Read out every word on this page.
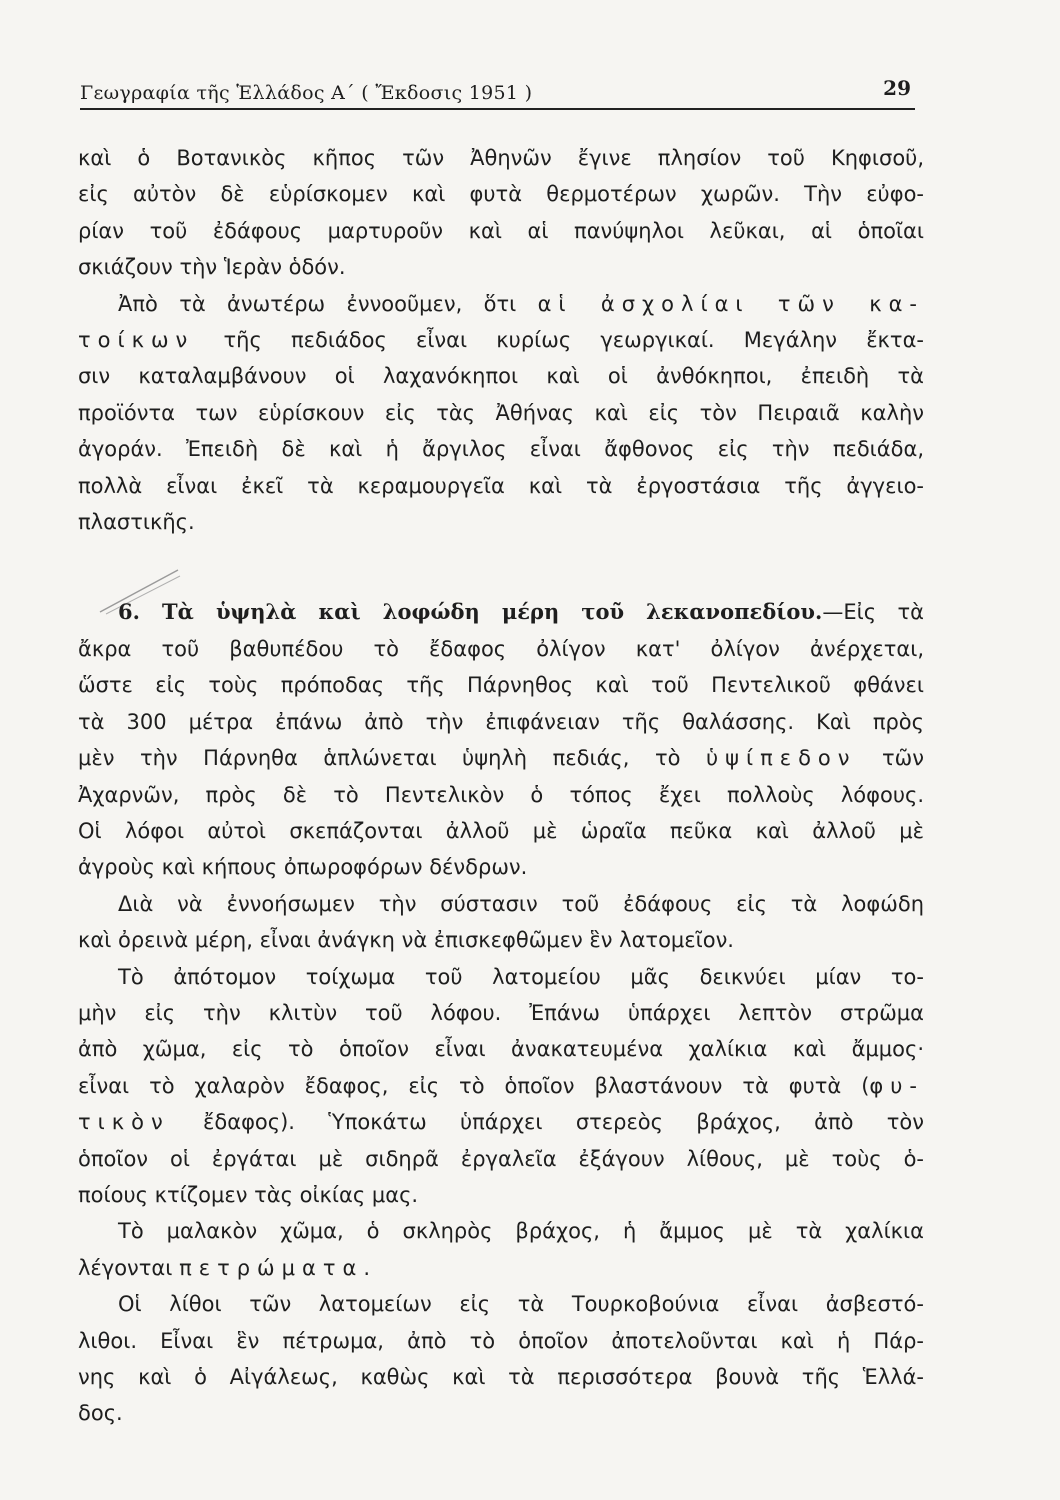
Γεωγραφία τῆς Ἑλλάδος Α΄ ( Ἔκδοσις 1951 )	29
καὶ ὁ Βοτανικὸς κῆπος τῶν Ἀθηνῶν ἔγινε πλησίον τοῦ Κηφισοῦ,
εἰς αὐτὸν δὲ εὑρίσκομεν καὶ φυτὰ θερμοτέρων χωρῶν. Τὴν εὐφο-
ρίαν τοῦ ἐδάφους μαρτυροῦν καὶ αἱ πανύψηλοι λεῦκαι, αἱ ὁποῖαι
σκιάζουν τὴν Ἱερὰν ὁδόν.
Ἀπὸ τὰ ἀνωτέρω ἐννοοῦμεν, ὅτι αἱ ἀσχολίαι τῶν κα-
τοίκων τῆς πεδιάδος εἶναι κυρίως γεωργικαί. Μεγάλην ἔκτα-
σιν καταλαμβάνουν οἱ λαχανόκηποι καὶ οἱ ἀνθόκηποι, ἐπειδὴ τὰ
προϊόντα των εὑρίσκουν εἰς τὰς Ἀθήνας καὶ εἰς τὸν Πειραιᾶ καλὴν
ἀγοράν. Ἐπειδὴ δὲ καὶ ἡ ἄργιλος εἶναι ἄφθονος εἰς τὴν πεδιάδα,
πολλὰ εἶναι ἐκεῖ τὰ κεραμουργεῖα καὶ τὰ ἐργοστάσια τῆς ἀγγειο-
πλαστικῆς.
6. Τὰ ὑψηλὰ καὶ λοφώδη μέρη τοῦ λεκανοπεδίου.—Εἰς τὰ
ἄκρα τοῦ βαθυπέδου τὸ ἔδαφος ὀλίγον κατ' ὀλίγον ἀνέρχεται,
ὥστε εἰς τοὺς πρόποδας τῆς Πάρνηθος καὶ τοῦ Πεντελικοῦ φθάνει
τὰ 300 μέτρα ἐπάνω ἀπὸ τὴν ἐπιφάνειαν τῆς θαλάσσης. Καὶ πρὸς
μὲν τὴν Πάρνηθα ἁπλώνεται ὑψηλὴ πεδιάς, τὸ ὑψίπεδον τῶν
Ἀχαρνῶν, πρὸς δὲ τὸ Πεντελικὸν ὁ τόπος ἔχει πολλοὺς λόφους.
Οἱ λόφοι αὐτοὶ σκεπάζονται ἀλλοῦ μὲ ὡραῖα πεῦκα καὶ ἀλλοῦ μὲ
ἀγροὺς καὶ κήπους ὀπωροφόρων δένδρων.
Διὰ νὰ ἐννοήσωμεν τὴν σύστασιν τοῦ ἐδάφους εἰς τὰ λοφώδη
καὶ ὀρεινὰ μέρη, εἶναι ἀνάγκη νὰ ἐπισκεφθῶμεν ἓν λατομεῖον.
Τὸ ἀπότομον τοίχωμα τοῦ λατομείου μᾶς δεικνύει μίαν το-
μὴν εἰς τὴν κλιτὺν τοῦ λόφου. Ἐπάνω ὑπάρχει λεπτὸν στρῶμα
ἀπὸ χῶμα, εἰς τὸ ὁποῖον εἶναι ἀνακατευμένα χαλίκια καὶ ἄμμος·
εἶναι τὸ χαλαρὸν ἔδαφος, εἰς τὸ ὁποῖον βλαστάνουν τὰ φυτὰ (φυ-
τικὸν ἔδαφος). Ὑποκάτω ὑπάρχει στερεὸς βράχος, ἀπὸ τὸν
ὁποῖον οἱ ἐργάται μὲ σιδηρᾶ ἐργαλεῖα ἐξάγουν λίθους, μὲ τοὺς ὁ-
ποίους κτίζομεν τὰς οἰκίας μας.
Τὸ μαλακὸν χῶμα, ὁ σκληρὸς βράχος, ἡ ἄμμος μὲ τὰ χαλίκια
λέγονται πετρώματα.
Οἱ λίθοι τῶν λατομείων εἰς τὰ Τουρκοβούνια εἶναι ἀσβεστό-
λιθοι. Εἶναι ἓν πέτρωμα, ἀπὸ τὸ ὁποῖον ἀποτελοῦνται καὶ ἡ Πάρ-
νης καὶ ὁ Αἰγάλεως, καθὼς καὶ τὰ περισσότερα βουνὰ τῆς Ἑλλά-
δος.
